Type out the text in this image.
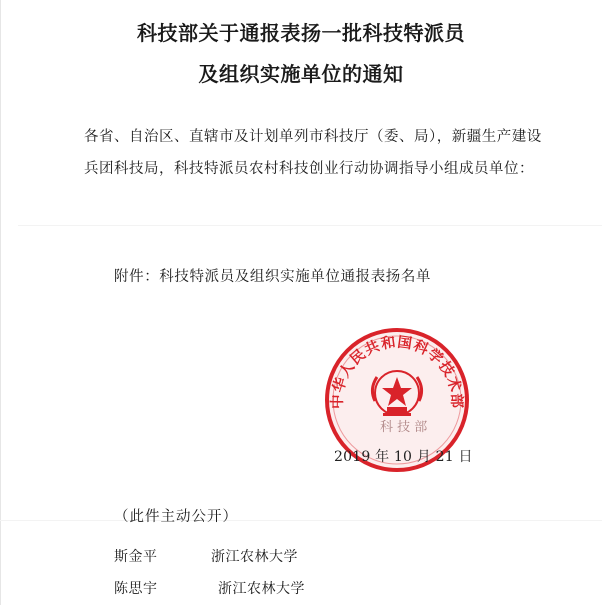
科技部关于通报表扬一批科技特派员
及组织实施单位的通知
各省、自治区、直辖市及计划单列市科技厅（委、局），新疆生产建设兵团科技局，科技特派员农村科技创业行动协调指导小组成员单位：
附件：科技特派员及组织实施单位通报表扬名单
中华人民共和国科学技术部
科 技 部
2019 年 10 月 21 日
（此件主动公开）
斯金平	浙江农林大学
陈思宇	浙江农林大学
